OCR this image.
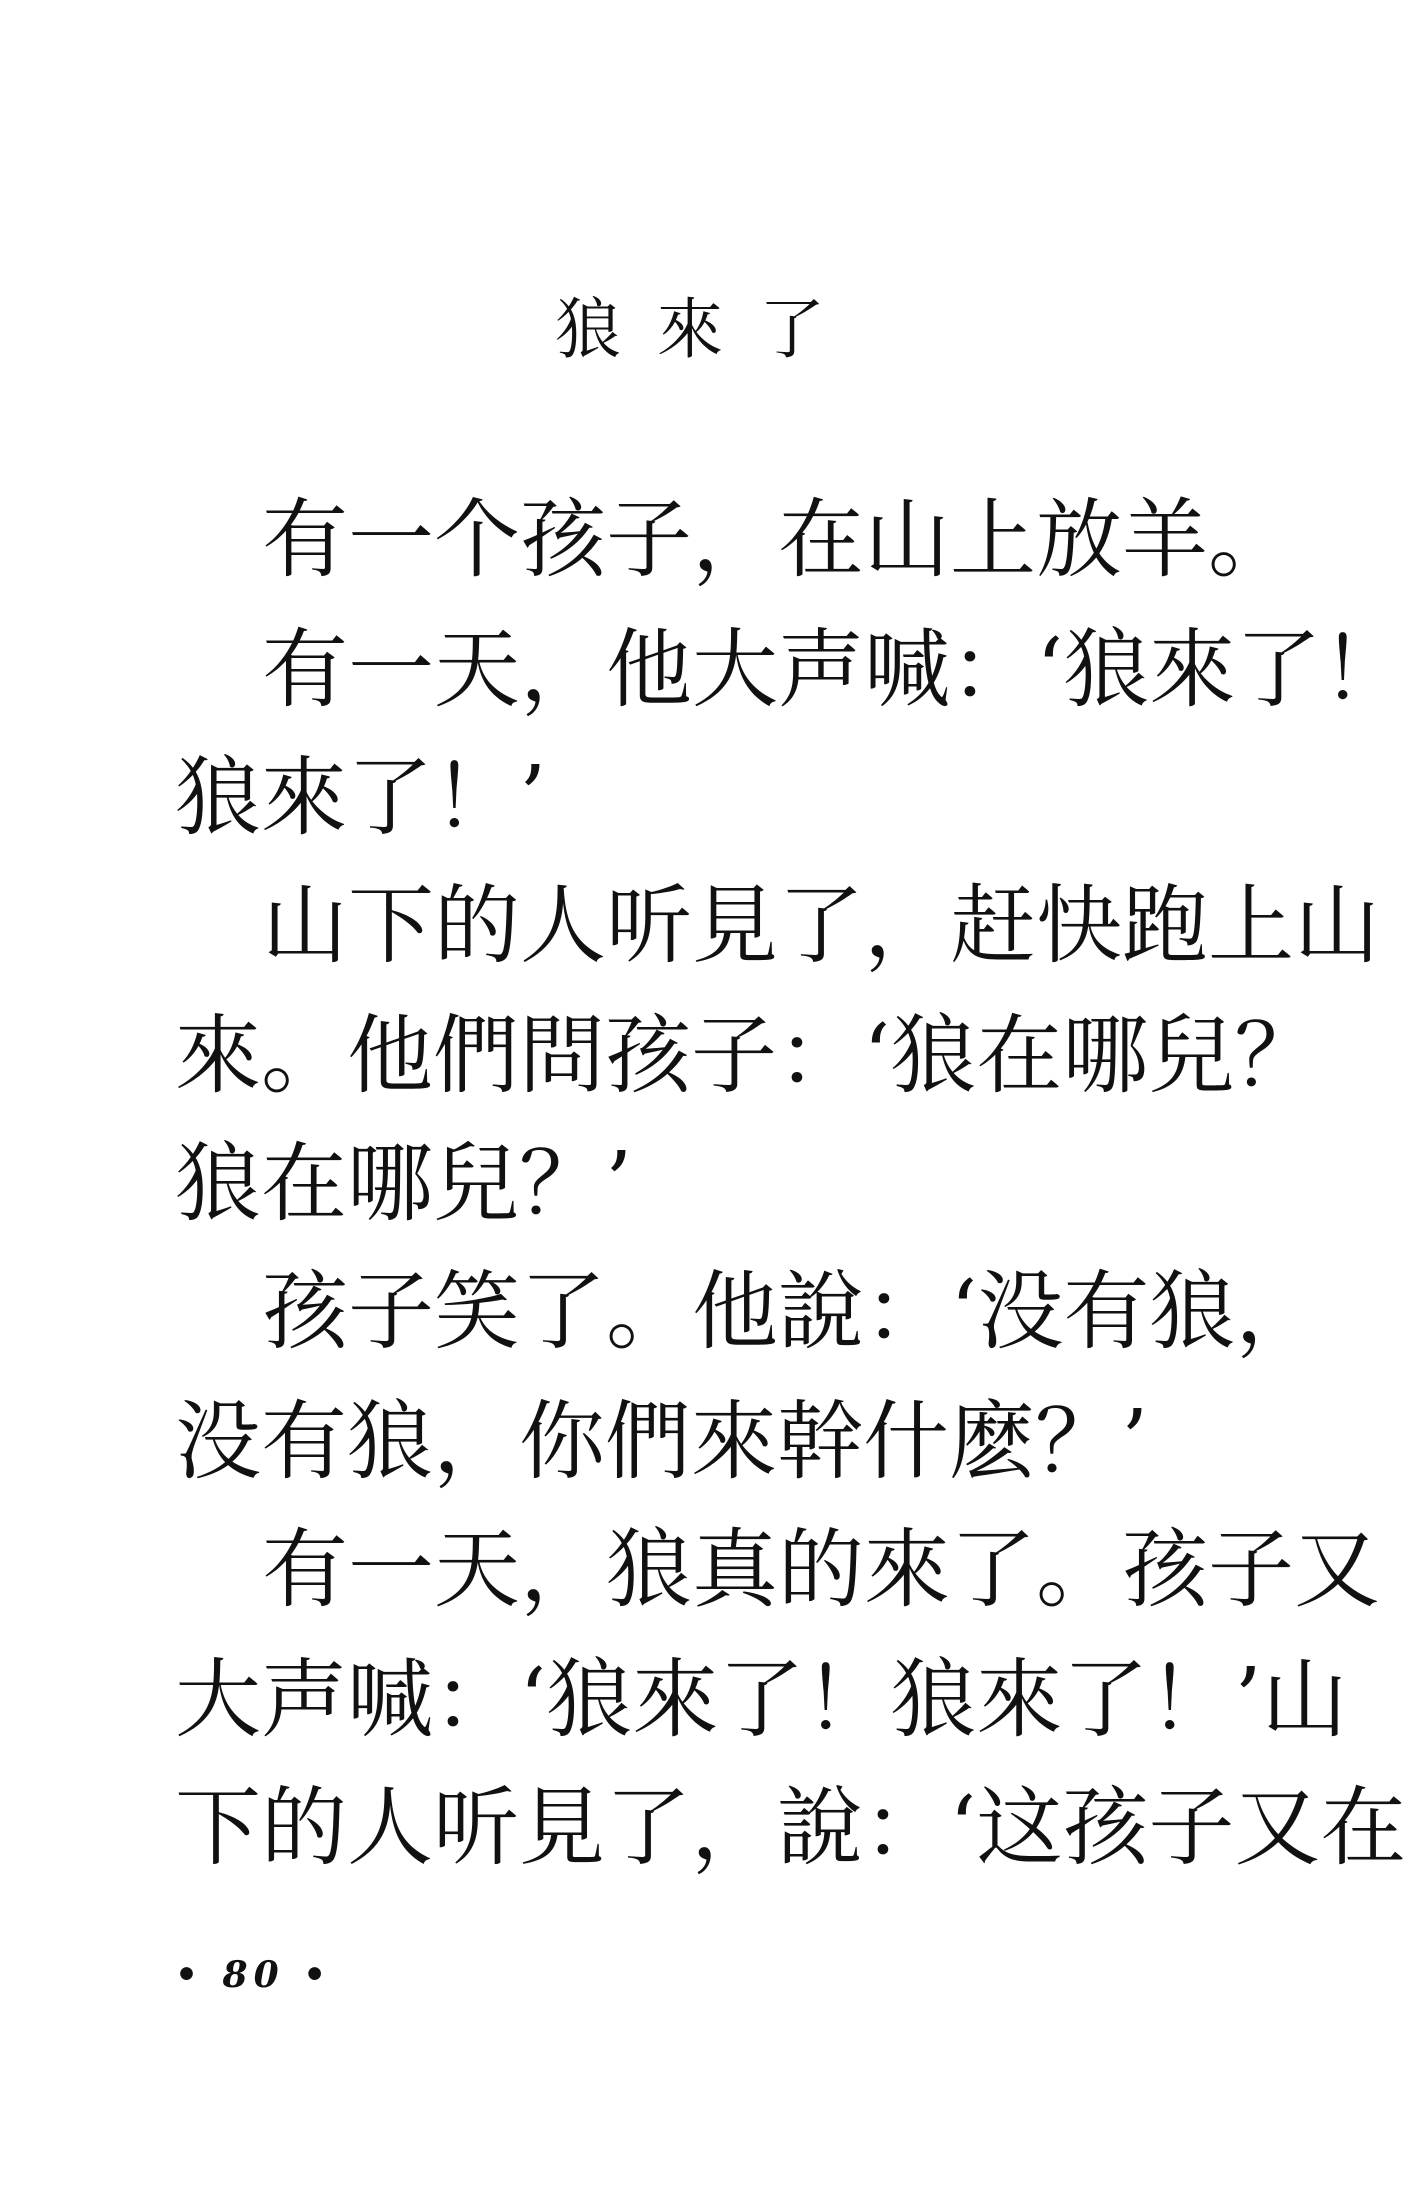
狼來了
有一个孩子，在山上放羊。
有一天，他大声喊：‘狼來了！
狼來了！’
山下的人听見了，赶快跑上山
來。他們問孩子：‘狼在哪兒？
狼在哪兒？’
孩子笑了。他說：‘没有狼，
没有狼，你們來幹什麽？’
有一天，狼真的來了。孩子又
大声喊：‘狼來了！狼來了！’山
下的人听見了，說：‘这孩子又在
• 80 •
